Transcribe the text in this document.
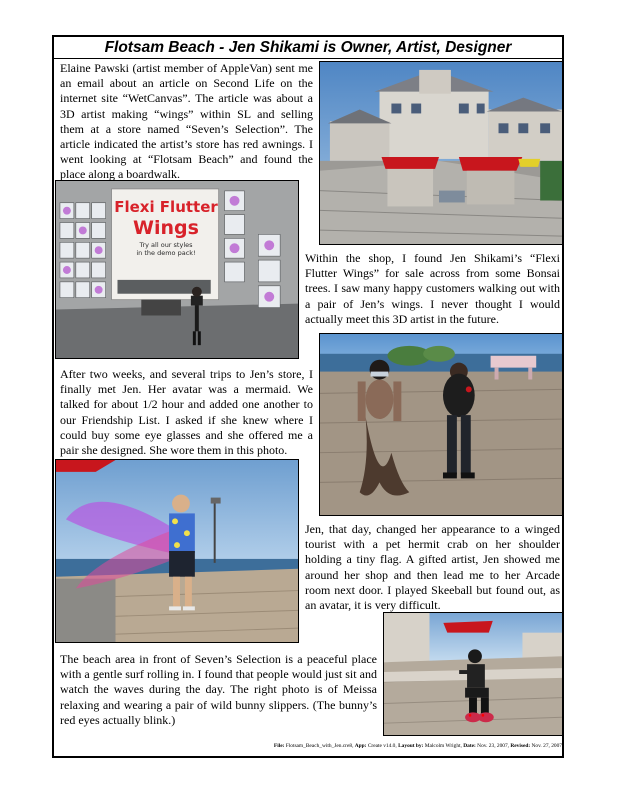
Flotsam Beach - Jen Shikami is Owner, Artist, Designer

Elaine Pawski (artist member of AppleVan) sent me an email about an article on Second Life on the internet site “WetCanvas”. The article was about a 3D artist making “wings” within SL and selling them at a store named “Seven’s Selection”. The article indicated the artist’s store has red awnings. I went looking at “Flotsam Beach” and found the place along a boardwalk.

Flexi Flutter
Wings
Try all our styles
in the demo pack!	Within the shop, I found Jen Shikami’s “Flexi Flutter Wings” for sale across from some Bonsai trees. I saw many happy customers walking out with a pair of Jen’s wings. I never thought I would actually meet this 3D artist in the future.

After two weeks, and several trips to Jen’s store, I finally met Jen. Her avatar was a mermaid. We talked for about 1/2 hour and added one another to our Friendship List. I asked if she knew where I could buy some eye glasses and she offered me a pair she designed. She wore them in this photo.

Jen, that day, changed her appearance to a winged tourist with a pet hermit crab on her shoulder holding a tiny flag. A gifted artist, Jen showed me around her shop and then lead me to her Arcade room next door. I played Skeeball but found out, as an avatar, it is very difficult.

The beach area in front of Seven’s Selection is a peaceful place with a gentle surf rolling in. I found that people would just sit and watch the waves during the day. The right photo is of Meissa relaxing and wearing a pair of wild bunny slippers. (The bunny’s red eyes actually blink.)

File: Flotsam_Beach_with_Jen.cre8, App: Create v14.0, Layout by: Malcolm Wright, Date: Nov. 23, 2007, Revised: Nov. 27, 2007
